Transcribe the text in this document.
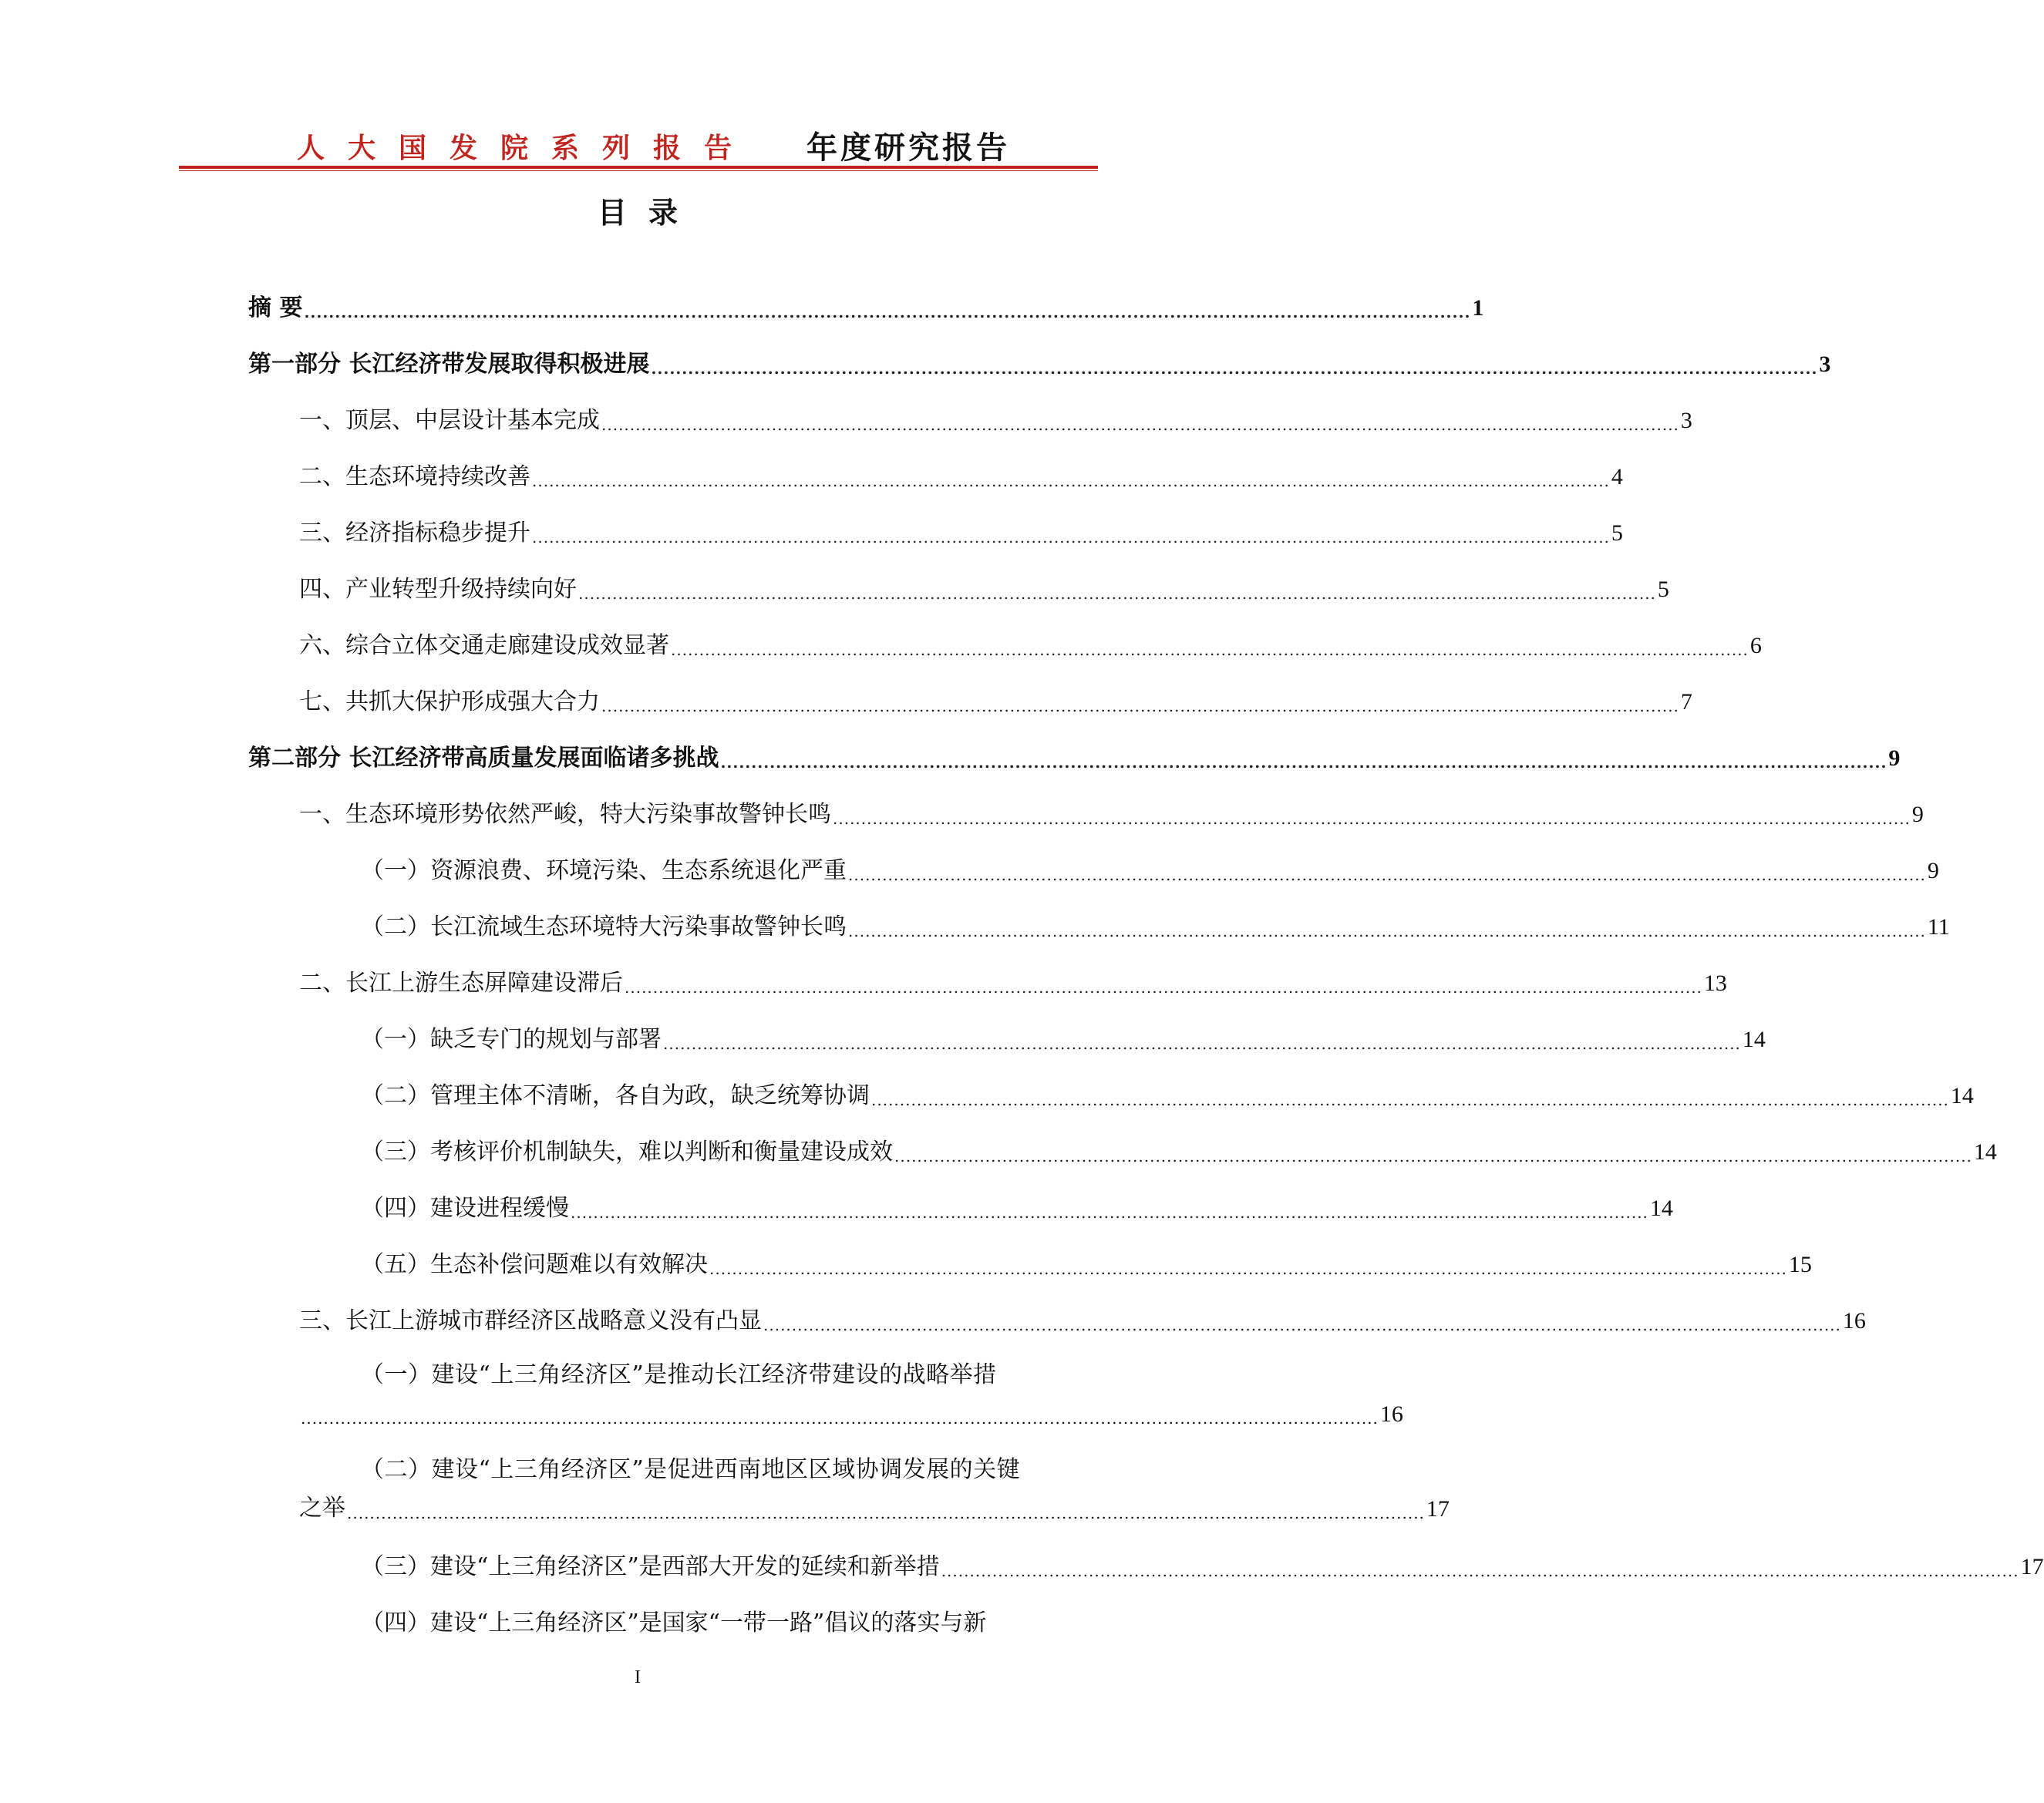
人大国发院系列报告 年度研究报告
目录
摘 要 .............................................................................................................................................................................................. 1
第一部分 长江经济带发展取得积极进展 .............................................................................................................................................................................................. 3
一、顶层、中层设计基本完成 .............................................................................................................................................................................................. 3
二、生态环境持续改善 .............................................................................................................................................................................................. 4
三、经济指标稳步提升 .............................................................................................................................................................................................. 5
四、产业转型升级持续向好 .............................................................................................................................................................................................. 5
六、综合立体交通走廊建设成效显著 .............................................................................................................................................................................................. 6
七、共抓大保护形成强大合力 .............................................................................................................................................................................................. 7
第二部分 长江经济带高质量发展面临诸多挑战 .............................................................................................................................................................................................. 9
一、生态环境形势依然严峻，特大污染事故警钟长鸣 .............................................................................................................................................................................................. 9
（一）资源浪费、环境污染、生态系统退化严重 .............................................................................................................................................................................................. 9
（二）长江流域生态环境特大污染事故警钟长鸣 .............................................................................................................................................................................................. 11
二、长江上游生态屏障建设滞后 .............................................................................................................................................................................................. 13
（一）缺乏专门的规划与部署 .............................................................................................................................................................................................. 14
（二）管理主体不清晰，各自为政，缺乏统筹协调 .............................................................................................................................................................................................. 14
（三）考核评价机制缺失，难以判断和衡量建设成效 .............................................................................................................................................................................................. 14
（四）建设进程缓慢 .............................................................................................................................................................................................. 14
（五）生态补偿问题难以有效解决 .............................................................................................................................................................................................. 15
三、长江上游城市群经济区战略意义没有凸显 .............................................................................................................................................................................................. 16
（一）建设“上三角经济区”是推动长江经济带建设的战略举措
.............................................................................................................................................................................................. 16
（二）建设“上三角经济区”是促进西南地区区域协调发展的关键
之举 .............................................................................................................................................................................................. 17
（三）建设“上三角经济区”是西部大开发的延续和新举措 .............................................................................................................................................................................................. 17
（四）建设“上三角经济区”是国家“一带一路”倡议的落实与新
I
